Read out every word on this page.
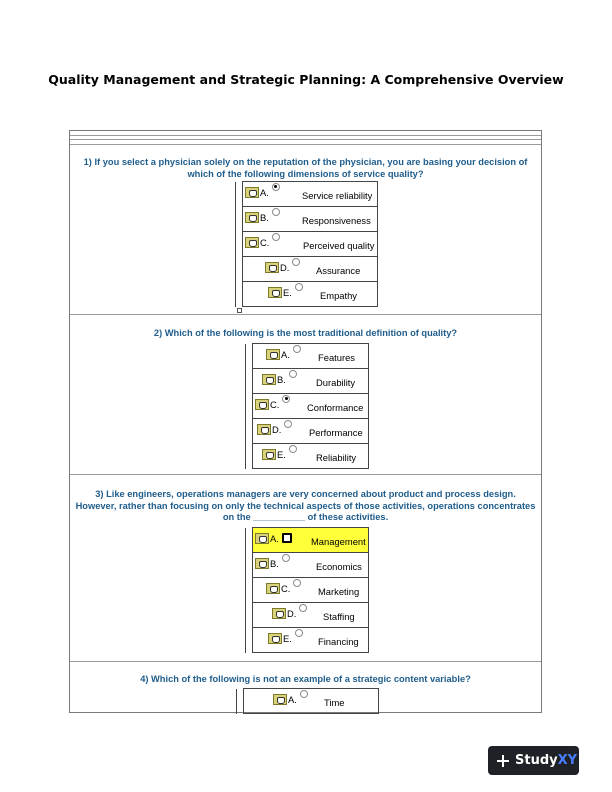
Quality Management and Strategic Planning: A Comprehensive Overview
1) If you select a physician solely on the reputation of the physician, you are basing your decision of which of the following dimensions of service quality?

	A. Service reliability

	B. Responsiveness

	C. Perceived quality

	D. Assurance

	E. Empathy
2) Which of the following is the most traditional definition of quality?

	A. Features

	B. Durability

	C. Conformance

	D. Performance

	E. Reliability
3) Like engineers, operations managers are very concerned about product and process design. However, rather than focusing on only the technical aspects of those activities, operations concentrates on the __________ of these activities.

	A. Management

	B. Economics

	C. Marketing

	D. Staffing

	E. Financing
4) Which of the following is not an example of a strategic content variable?

A.	Time
StudyXY
